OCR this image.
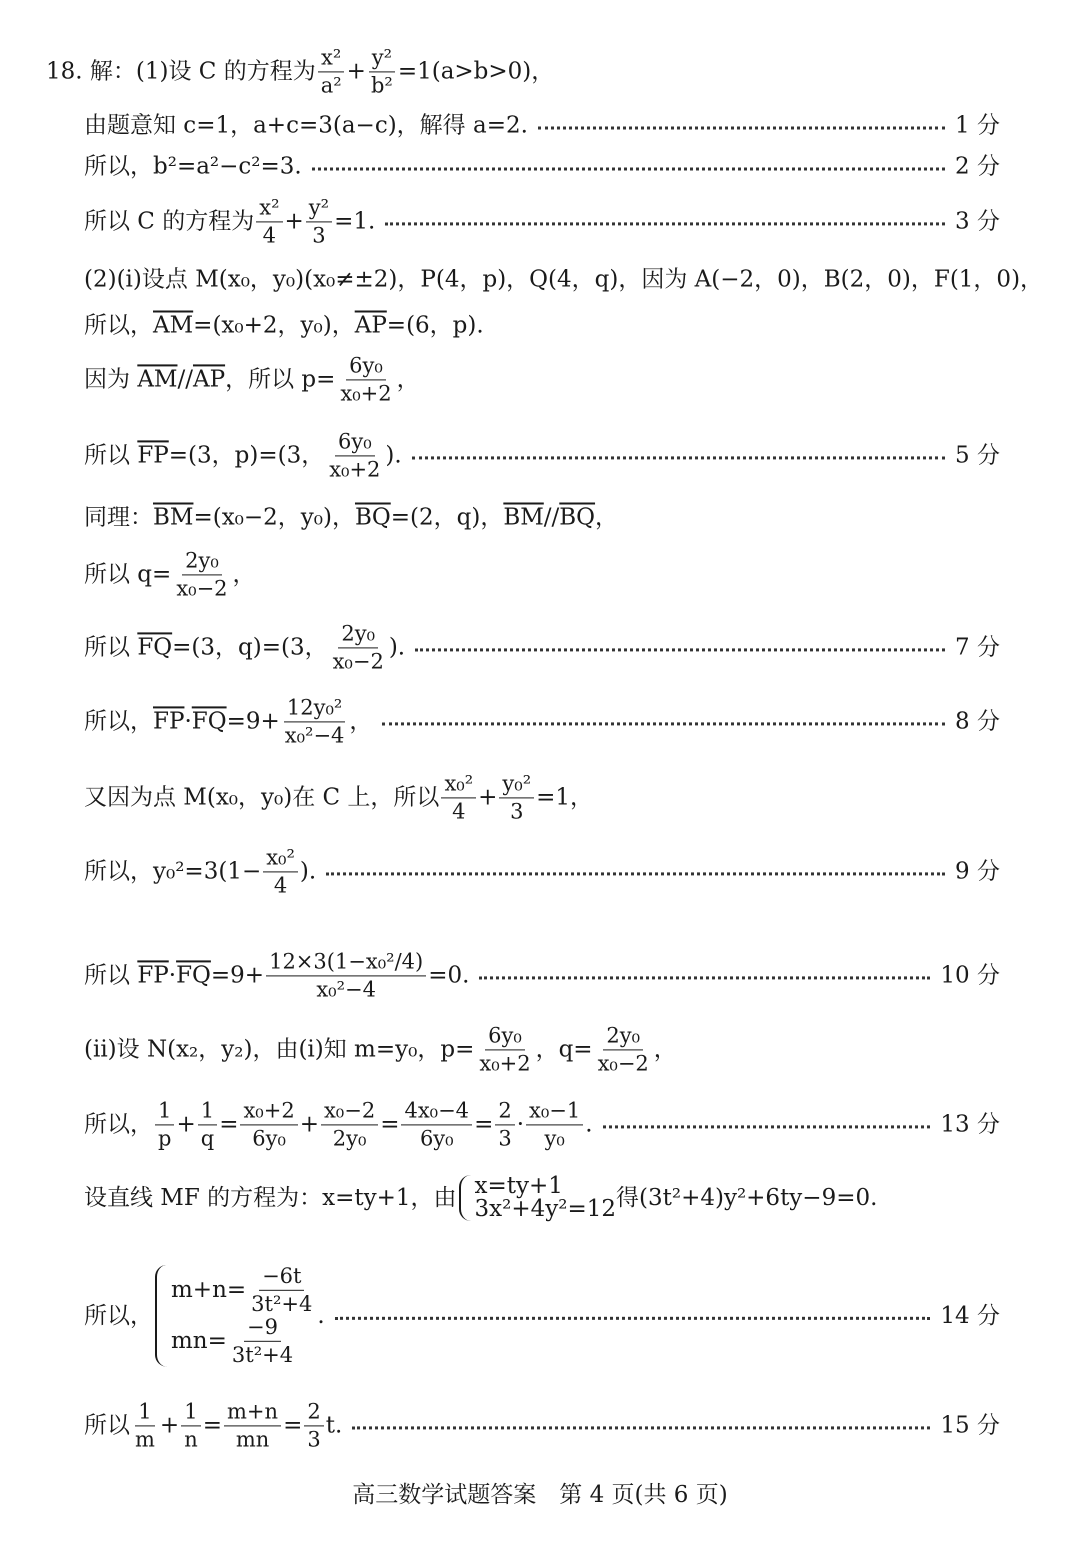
18. 解：(1)设 C 的方程为 $\frac{\text{x²}}{\text{a²}} + \frac{\text{y²}}{\text{b²}} =1(a>b>0)$，
由题意知 c=1，a+c=3(a−c)，解得 a=2.	1 分
所以，b²=a²−c²=3.	2 分
所以 C 的方程为 $\frac{\text{x²}}{4} + \frac{\text{y²}}{3} =1$.	3 分
(2)(i)设点 M(x₀，y₀)(x₀≠±2)，P(4，p)，Q(4，q)，因为 A(−2，0)，B(2，0)，F(1，0)，
所以， $\overline{AM} =(x_0+2$，y₀)， $\overline{AP} =(6$，p).
因为 $\overline{AM} // \overline{AP}$ ，所以 $p= \frac{\text{6y₀}}{\text{x₀+2}}$ ，
所以 $\overline{FP} =(3$，p)=(3， $\frac{\text{6y₀}}{\text{x₀+2}}$ ).	5 分
同理： $\overline{BM} =(x_0-2$，y₀)， $\overline{BQ} =(2$，q)， $\overline{BM} // \overline{BQ}$ ，
所以 $q= \frac{\text{2y₀}}{\text{x₀−2}}$ ，
所以 $\overline{FQ} =(3$，q)=(3， $\frac{\text{2y₀}}{\text{x₀−2}}$ ).	7 分
所以， $\overline{FP} \cdot \overline{FQ} =9+ \frac{\text{12y₀²}}{\text{x₀²−4}}$ ，	8 分
又因为点 M(x₀，y₀)在 C 上，所以 $\frac{\text{x₀²}}{4} + \frac{\text{y₀²}}{3} =1$，
所以，$y_0^2=3(1- \frac{\text{x₀²}}{4}$ ).	9 分
所以 $\overline{FP} \cdot \overline{FQ} =9+ \frac{\text{12×3(1−x₀²/4)}}{\text{x₀²−4}} =0$.	10 分
(ii)设 N(x₂，y₂)，由(i)知 m=y₀，$p= \frac{\text{6y₀}}{\text{x₀+2}}$ ，$q= \frac{\text{2y₀}}{\text{x₀−2}}$ ，
所以， $\frac{1}{p} + \frac{1}{q} = \frac{\text{x₀+2}}{\text{6y₀}} + \frac{\text{x₀−2}}{\text{2y₀}} = \frac{\text{4x₀−4}}{\text{6y₀}} = \frac{2}{3} \cdot \frac{\text{x₀−1}}{\text{y₀}}$ .	13 分
设直线 MF 的方程为：x=ty+1，由 x=ty+1
3x²+4y²=12 得(3t²+4)y²+6ty−9=0.
所以，
$m+n= \frac{-6t}{\text{3t²+4}}$
$mn= \frac{-9}{\text{3t²+4}}$
.	14 分
所以 $\frac{1}{m} + \frac{1}{n} = \frac{m+n}{mn} = \frac{2}{3} t$.	15 分
高三数学试题答案　第 4 页(共 6 页)
